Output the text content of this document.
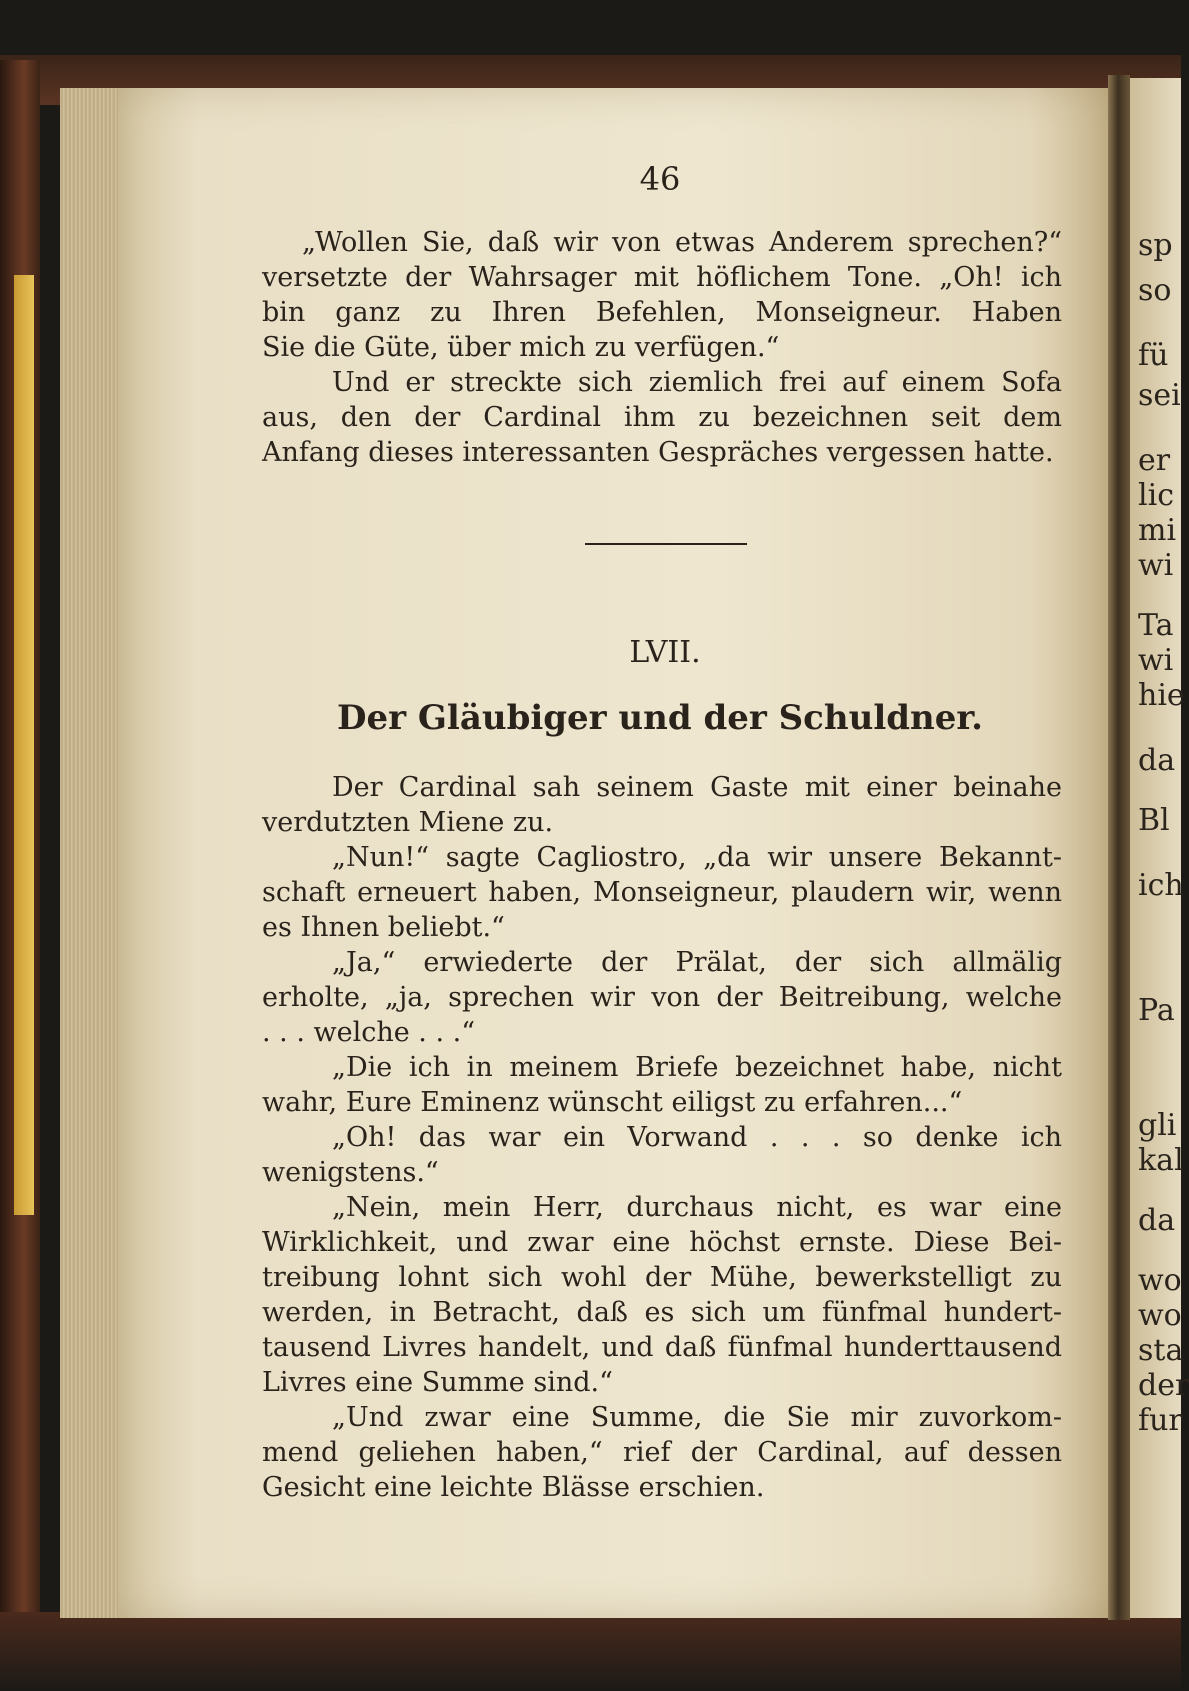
sp
so
fü
sei
er
lic
mi
wi
Ta
wi
hie
da
Bl
ich
Pa
gli
kal
da
wo
wo
sta
der
fur
46
„Wollen Sie, daß wir von etwas Anderem sprechen?“
versetzte der Wahrsager mit höflichem Tone. „Oh! ich
bin ganz zu Ihren Befehlen, Monseigneur. Haben
Sie die Güte, über mich zu verfügen.“
Und er streckte sich ziemlich frei auf einem Sofa
aus, den der Cardinal ihm zu bezeichnen seit dem
Anfang dieses interessanten Gespräches vergessen hatte.
LVII.
Der Gläubiger und der Schuldner.
Der Cardinal sah seinem Gaste mit einer beinahe
verdutzten Miene zu.
„Nun!“ sagte Cagliostro, „da wir unsere Bekannt-
schaft erneuert haben, Monseigneur, plaudern wir, wenn
es Ihnen beliebt.“
„Ja,“ erwiederte der Prälat, der sich allmälig
erholte, „ja, sprechen wir von der Beitreibung, welche
. . . welche . . .“
„Die ich in meinem Briefe bezeichnet habe, nicht
wahr, Eure Eminenz wünscht eiligst zu erfahren...“
„Oh! das war ein Vorwand . . . so denke ich
wenigstens.“
„Nein, mein Herr, durchaus nicht, es war eine
Wirklichkeit, und zwar eine höchst ernste. Diese Bei-
treibung lohnt sich wohl der Mühe, bewerkstelligt zu
werden, in Betracht, daß es sich um fünfmal hundert-
tausend Livres handelt, und daß fünfmal hunderttausend
Livres eine Summe sind.“
„Und zwar eine Summe, die Sie mir zuvorkom-
mend geliehen haben,“ rief der Cardinal, auf dessen
Gesicht eine leichte Blässe erschien.
